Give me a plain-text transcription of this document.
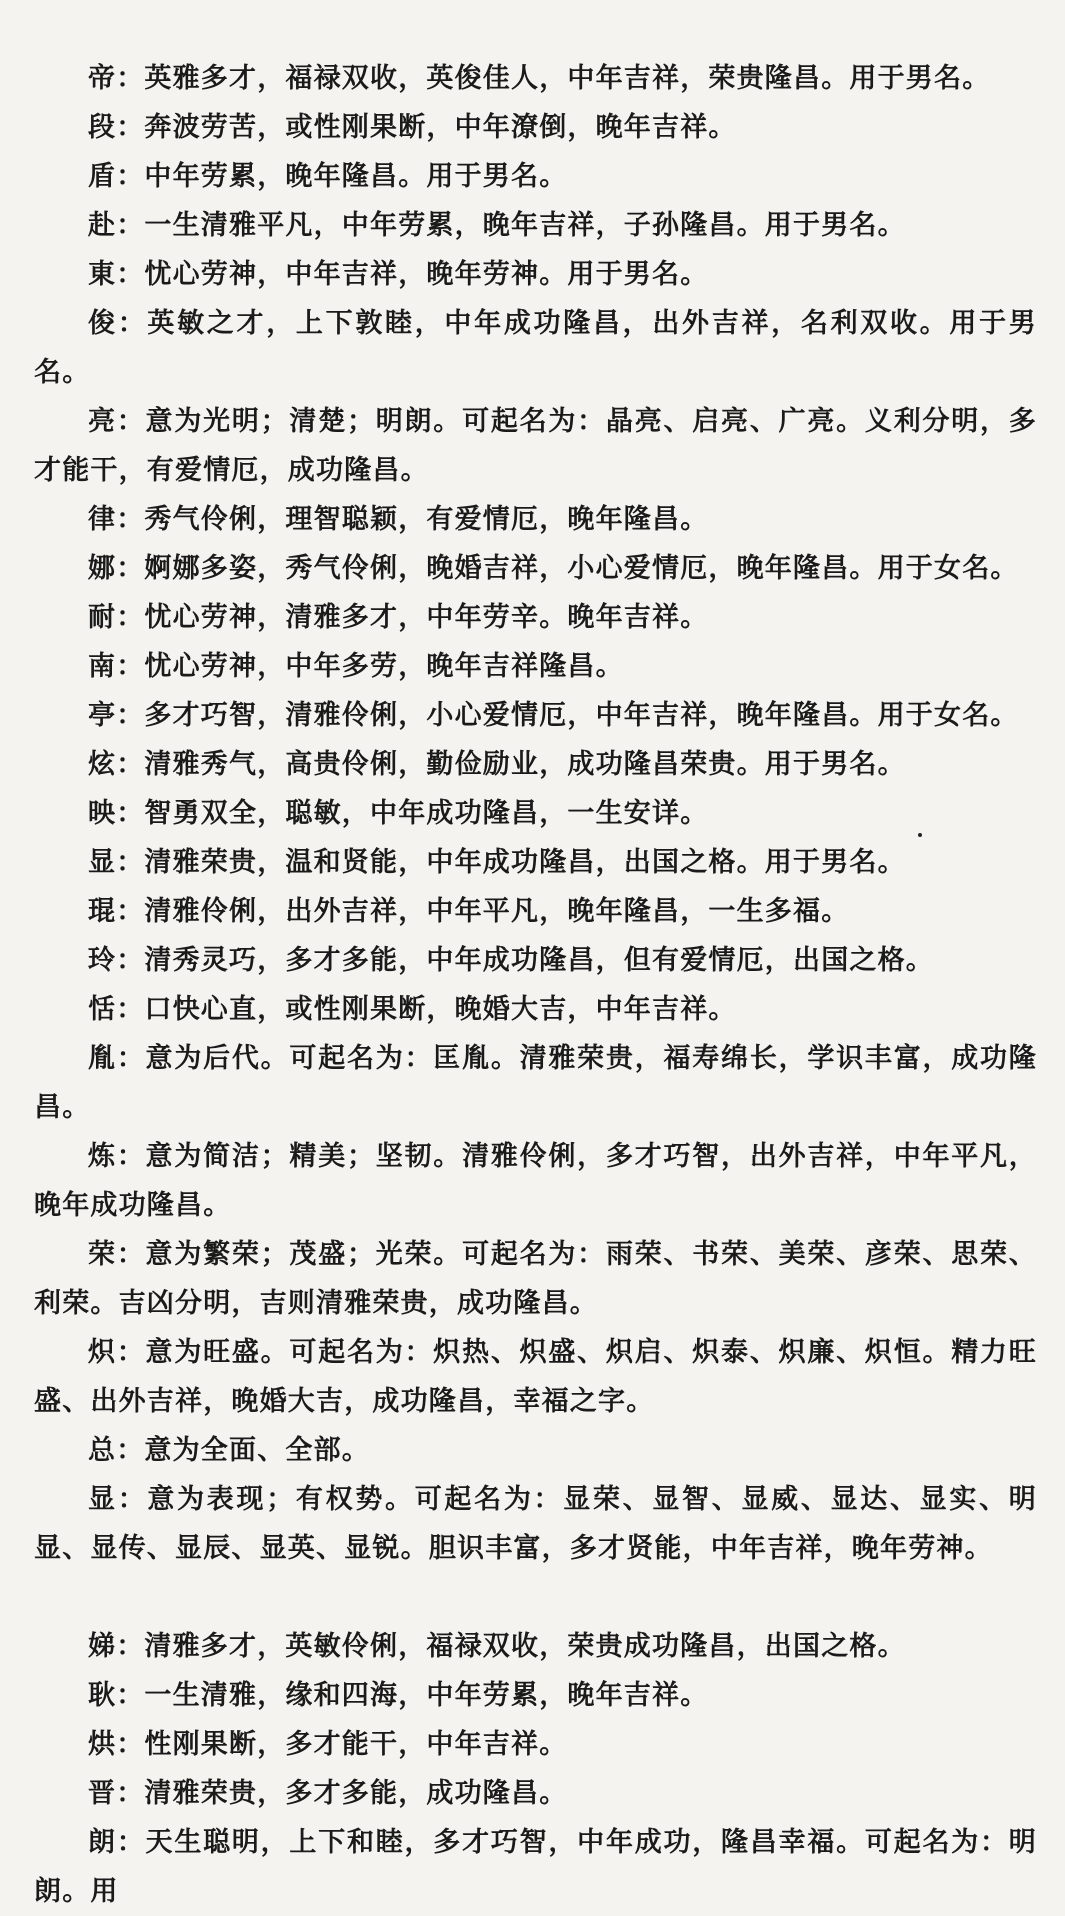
帝：英雅多才，福禄双收，英俊佳人，中年吉祥，荣贵隆昌。用于男名。

段：奔波劳苦，或性刚果断，中年潦倒，晚年吉祥。

盾：中年劳累，晚年隆昌。用于男名。

赴：一生清雅平凡，中年劳累，晚年吉祥，子孙隆昌。用于男名。

東：忧心劳神，中年吉祥，晚年劳神。用于男名。

俊：英敏之才，上下敦睦，中年成功隆昌，出外吉祥，名利双收。用于男名。

亮：意为光明；清楚；明朗。可起名为：晶亮、启亮、广亮。义利分明，多才能干，有爱情厄，成功隆昌。

律：秀气伶俐，理智聪颖，有爱情厄，晚年隆昌。

娜：婀娜多姿，秀气伶俐，晚婚吉祥，小心爱情厄，晚年隆昌。用于女名。

耐：忧心劳神，清雅多才，中年劳辛。晚年吉祥。

南：忧心劳神，中年多劳，晚年吉祥隆昌。

亭：多才巧智，清雅伶俐，小心爱情厄，中年吉祥，晚年隆昌。用于女名。

炫：清雅秀气，高贵伶俐，勤俭励业，成功隆昌荣贵。用于男名。

映：智勇双全，聪敏，中年成功隆昌，一生安详。

显：清雅荣贵，温和贤能，中年成功隆昌，出国之格。用于男名。

琨：清雅伶俐，出外吉祥，中年平凡，晚年隆昌，一生多福。

玲：清秀灵巧，多才多能，中年成功隆昌，但有爱情厄，出国之格。

恬：口快心直，或性刚果断，晚婚大吉，中年吉祥。

胤：意为后代。可起名为：匡胤。清雅荣贵，福寿绵长，学识丰富，成功隆昌。

炼：意为简洁；精美；坚韧。清雅伶俐，多才巧智，出外吉祥，中年平凡，晚年成功隆昌。

荣：意为繁荣；茂盛；光荣。可起名为：雨荣、书荣、美荣、彦荣、思荣、利荣。吉凶分明，吉则清雅荣贵，成功隆昌。

炽：意为旺盛。可起名为：炽热、炽盛、炽启、炽泰、炽廉、炽恒。精力旺盛、出外吉祥，晚婚大吉，成功隆昌，幸福之字。

总：意为全面、全部。

显：意为表现；有权势。可起名为：显荣、显智、显威、显达、显实、明显、显传、显辰、显英、显锐。胆识丰富，多才贤能，中年吉祥，晚年劳神。

娣：清雅多才，英敏伶俐，福禄双收，荣贵成功隆昌，出国之格。

耿：一生清雅，缘和四海，中年劳累，晚年吉祥。

烘：性刚果断，多才能干，中年吉祥。

晋：清雅荣贵，多才多能，成功隆昌。

朗：天生聪明，上下和睦，多才巧智，中年成功，隆昌幸福。可起名为：明朗。用
